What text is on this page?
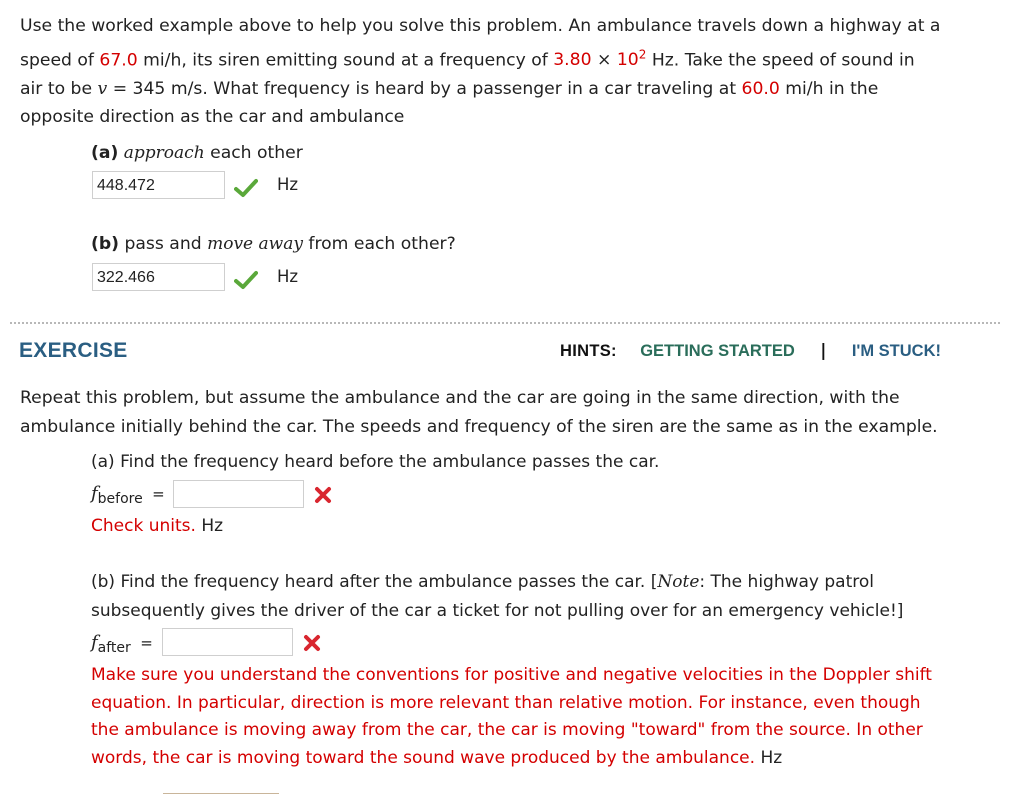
Use the worked example above to help you solve this problem. An ambulance travels down a highway at a
speed of 67.0 mi/h, its siren emitting sound at a frequency of $3.80 \times 10^2$ Hz. Take the speed of sound in
air to be v = 345 m/s. What frequency is heard by a passenger in a car traveling at 60.0 mi/h in the
opposite direction as the car and ambulance
(a) approach each other
448.472	Hz
(b) pass and move away from each other?
322.466	Hz
EXERCISE	HINTS: GETTING STARTED | I'M STUCK!
Repeat this problem, but assume the ambulance and the car are going in the same direction, with the
ambulance initially behind the car. The speeds and frequency of the siren are the same as in the example.
(a) Find the frequency heard before the ambulance passes the car.
$f_{before}$ =
Check units. Hz
(b) Find the frequency heard after the ambulance passes the car. [Note: The highway patrol
subsequently gives the driver of the car a ticket for not pulling over for an emergency vehicle!]
$f_{after}$ =
Make sure you understand the conventions for positive and negative velocities in the Doppler shift
equation. In particular, direction is more relevant than relative motion. For instance, even though
the ambulance is moving away from the car, the car is moving "toward" from the source. In other
words, the car is moving toward the sound wave produced by the ambulance. Hz
